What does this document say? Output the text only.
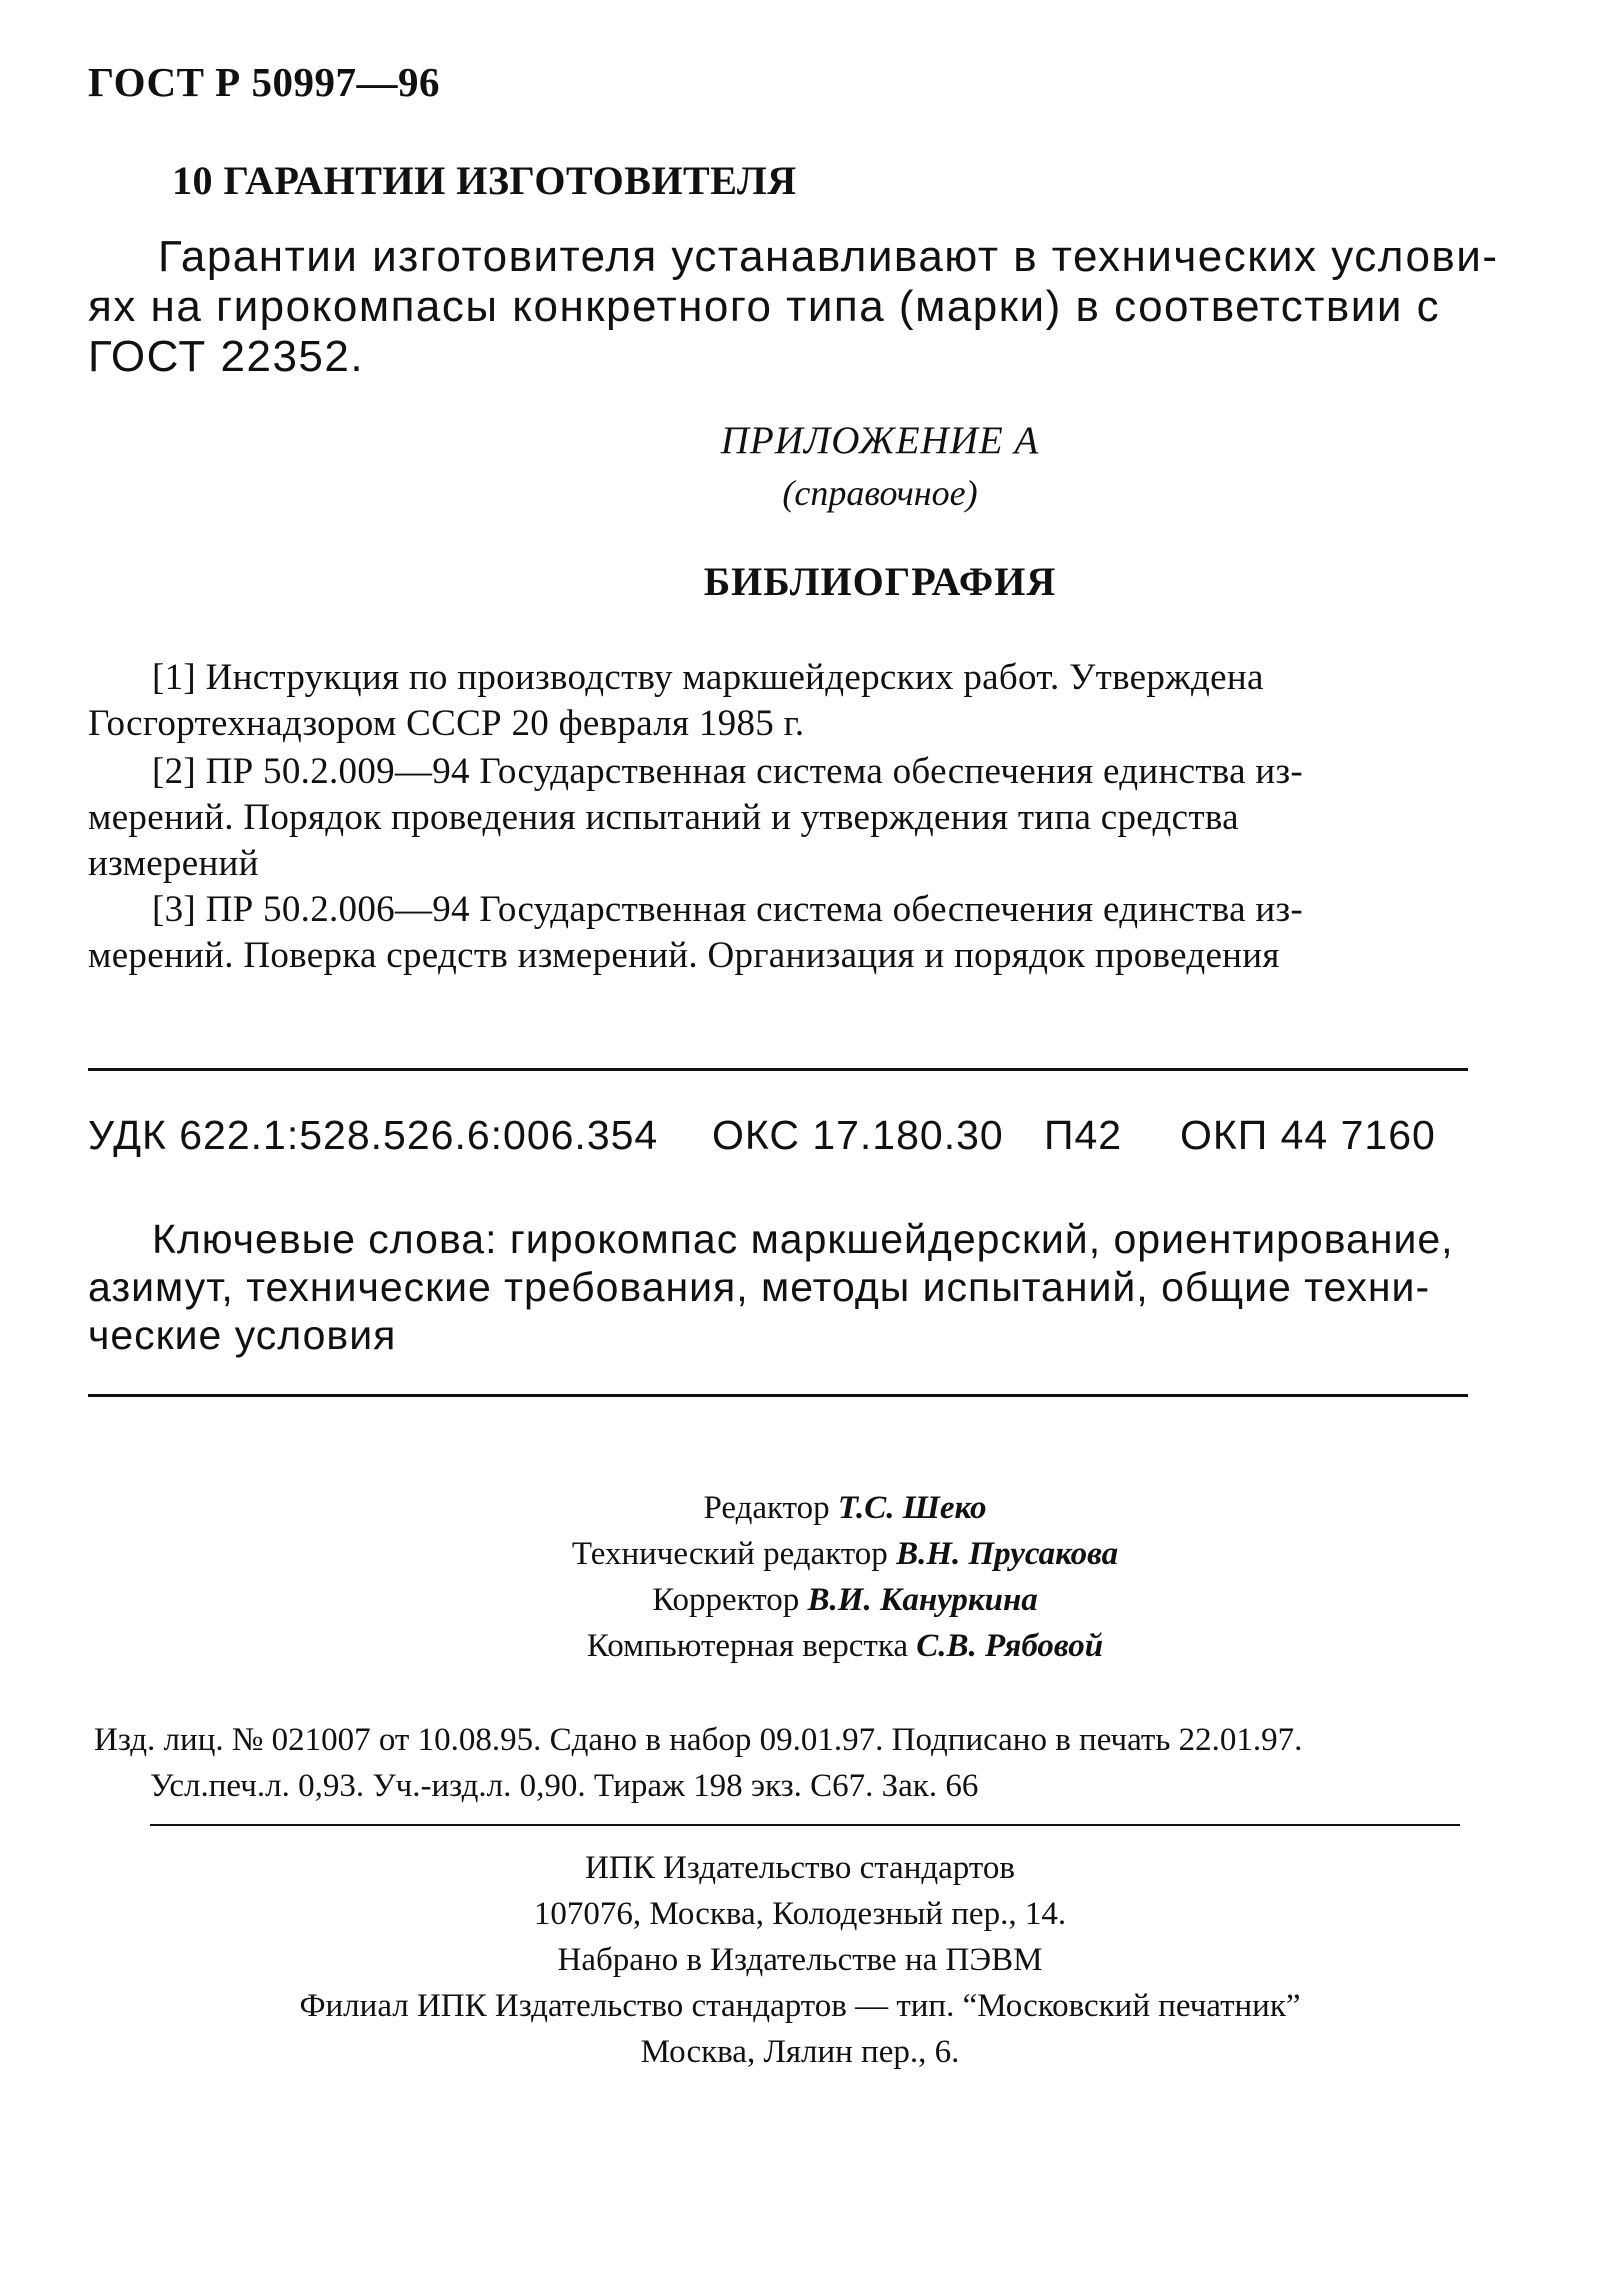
ГОСТ Р 50997—96
10 ГАРАНТИИ ИЗГОТОВИТЕЛЯ
Гарантии изготовителя устанавливают в технических услови-
ях на гирокомпасы конкретного типа (марки) в соответствии с
ГОСТ 22352.
ПРИЛОЖЕНИЕ А
(справочное)
БИБЛИОГРАФИЯ
[1] Инструкция по производству маркшейдерских работ. Утверждена
Госгортехнадзором СССР 20 февраля 1985 г.
[2] ПР 50.2.009—94 Государственная система обеспечения единства из-
мерений. Порядок проведения испытаний и утверждения типа средства
измерений
[3] ПР 50.2.006—94 Государственная система обеспечения единства из-
мерений. Поверка средств измерений. Организация и порядок проведения
УДК 622.1:528.526.6:006.354 ОКС 17.180.30 П42 ОКП 44 7160
Ключевые слова: гирокомпас маркшейдерский, ориентирование,
азимут, технические требования, методы испытаний, общие техни-
ческие условия
Редактор Т.С. Шеко
Технический редактор В.Н. Прусакова
Корректор В.И. Кануркина
Компьютерная верстка С.В. Рябовой
Изд. лиц. № 021007 от 10.08.95. Сдано в набор 09.01.97. Подписано в печать 22.01.97.
Усл.печ.л. 0,93. Уч.-изд.л. 0,90. Тираж 198 экз. С67. Зак. 66
ИПК Издательство стандартов
107076, Москва, Колодезный пер., 14.
Набрано в Издательстве на ПЭВМ
Филиал ИПК Издательство стандартов — тип. “Московский печатник”
Москва, Лялин пер., 6.
